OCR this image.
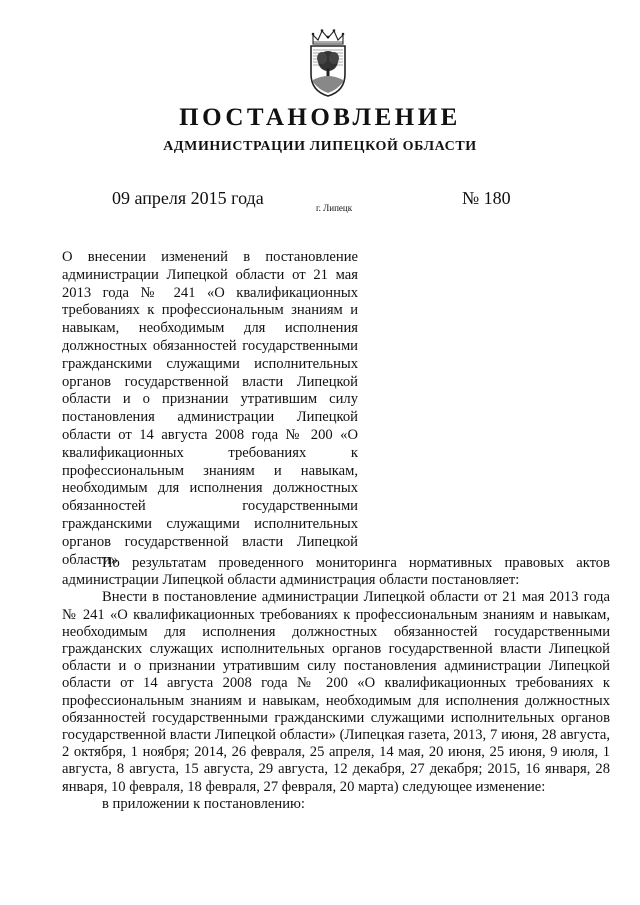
ПОСТАНОВЛЕНИЕ
АДМИНИСТРАЦИИ ЛИПЕЦКОЙ ОБЛАСТИ
09 апреля 2015 года	г. Липецк	№ 180

О внесении изменений в постановление администрации Липецкой области от 21 мая 2013 года № 241 «О квалификационных требованиях к профессиональным знаниям и навыкам, необходимым для исполнения должностных обязанностей государственными гражданскими служащими исполнительных органов государственной власти Липецкой области и о признании утратившим силу постановления администрации Липецкой области от 14 августа 2008 года № 200 «О квалификационных требованиях к профессиональным знаниям и навыкам, необходимым для исполнения должностных обязанностей государственными гражданскими служащими исполнительных органов государственной власти Липецкой области»

По результатам проведенного мониторинга нормативных правовых актов администрации Липецкой области администрация области постановляет:

Внести в постановление администрации Липецкой области от 21 мая 2013 года № 241 «О квалификационных требованиях к профессиональным знаниям и навыкам, необходимым для исполнения должностных обязанностей государственными гражданских служащих исполнительных органов государственной власти Липецкой области и о признании утратившим силу постановления администрации Липецкой области от 14 августа 2008 года № 200 «О квалификационных требованиях к профессиональным знаниям и навыкам, необходимым для исполнения должностных обязанностей государственными гражданскими служащими исполнительных органов государственной власти Липецкой области» (Липецкая газета, 2013, 7 июня, 28 августа, 2 октября, 1 ноября; 2014, 26 февраля, 25 апреля, 14 мая, 20 июня, 25 июня, 9 июля, 1 августа, 8 августа, 15 августа, 29 августа, 12 декабря, 27 декабря; 2015, 16 января, 28 января, 10 февраля, 18 февраля, 27 февраля, 20 марта) следующее изменение:

в приложении к постановлению:
